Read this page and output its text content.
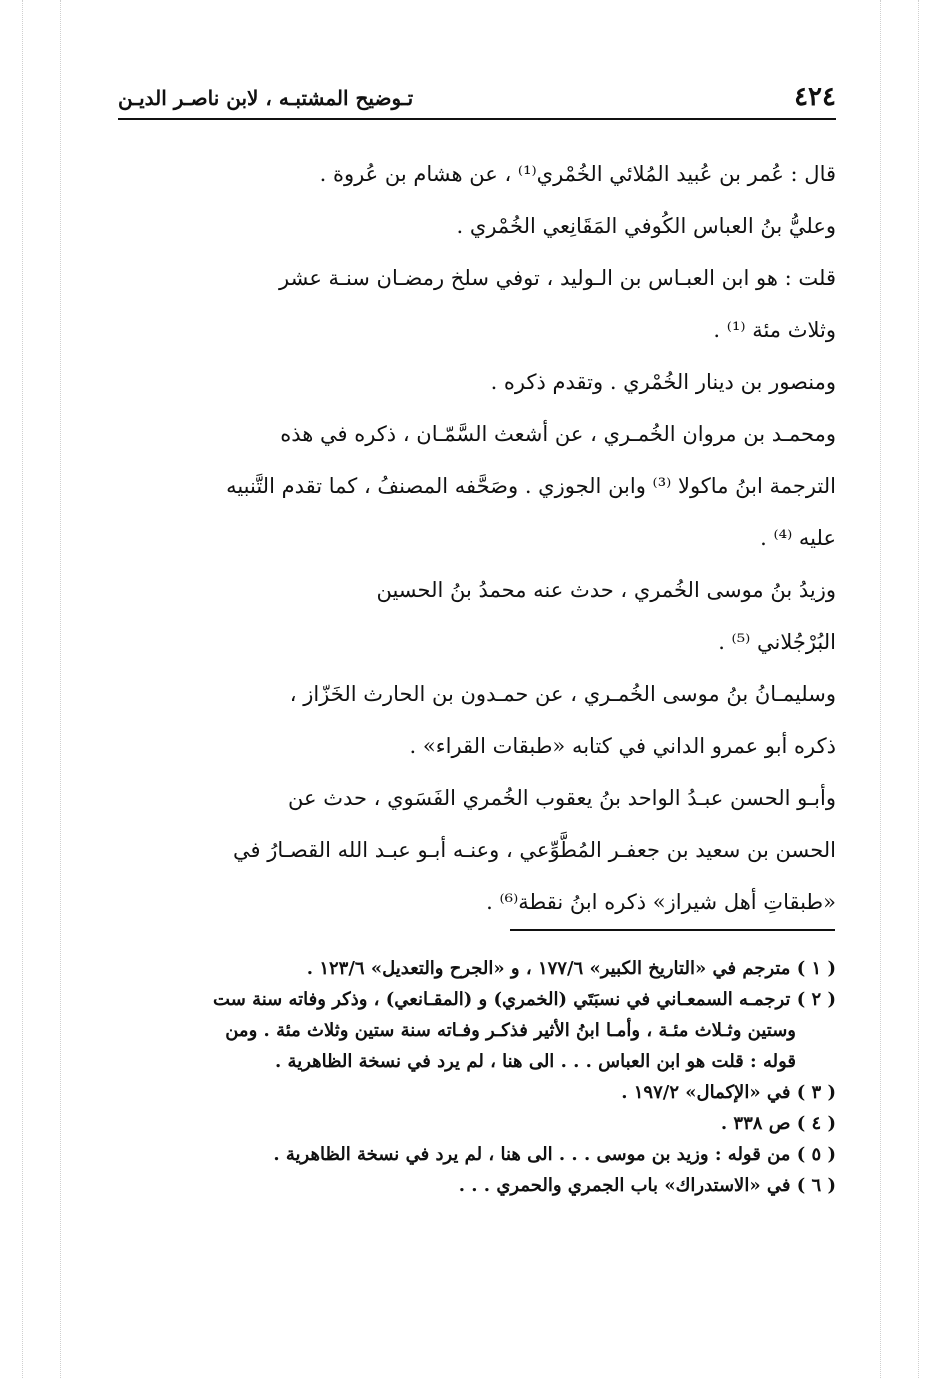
٤٢٤
تـوضيح المشتبـه ، لابن ناصـر الديـن

قال : عُمر بن عُبيد المُلائي الخُمْري⁽¹⁾ ، عن هشام بن عُروة .

وعليُّ بنُ العباس الكُوفي المَقَانِعي الخُمْري .

قلت : هو ابن العبـاس بن الـوليد ، توفي سلخ رمضـان سنـة عشر

وثلاث مئة ⁽¹⁾ .

ومنصور بن دينار الخُمْري . وتقدم ذكره .

ومحمـد بن مروان الخُمـري ، عن أشعث السَّمّـان ، ذكره في هذه

الترجمة ابنُ ماكولا ⁽³⁾ وابن الجوزي . وصَحَّفه المصنفُ ، كما تقدم التَّنبيه

عليه ⁽⁴⁾ .

وزيدُ بنُ موسى الخُمري ، حدث عنه محمدُ بنُ الحسين

البُرْجُلاني ⁽⁵⁾ .

وسليمـانُ بنُ موسى الخُمـري ، عن حمـدون بن الحارث الخَزّاز ،

ذكره أبو عمرو الداني في كتابه «طبقات القراء» .

وأبـو الحسن عبـدُ الواحد بنُ يعقوب الخُمري الفَسَوي ، حدث عن

الحسن بن سعيد بن جعفـر المُطَّوِّعي ، وعنـه أبـو عبـد الله القصـارُ في

«طبقاتِ أهل شيراز» ذكره ابنُ نقطة⁽⁶⁾ .

( ١ ) مترجم في «التاريخ الكبير» ١٧٧/٦ ، و «الجرح والتعديل» ١٢٣/٦ .

( ٢ ) ترجمـه السمعـاني في نسبَتَي (الخمري) و (المقـانعي) ، وذكر وفاته سنة ست

وستين وثـلاث مئـة ، وأمـا ابنُ الأثير فذكـر وفـاته سنة ستين وثلاث مئة . ومن

قوله : قلت هو ابن العباس . . . الى هنا ، لم يرد في نسخة الظاهرية .

( ٣ ) في «الإكمال» ١٩٧/٢ .

( ٤ ) ص ٣٣٨ .

( ٥ ) من قوله : وزيد بن موسى . . . الى هنا ، لم يرد في نسخة الظاهرية .

( ٦ ) في «الاستدراك» باب الجمري والحمري . . .
